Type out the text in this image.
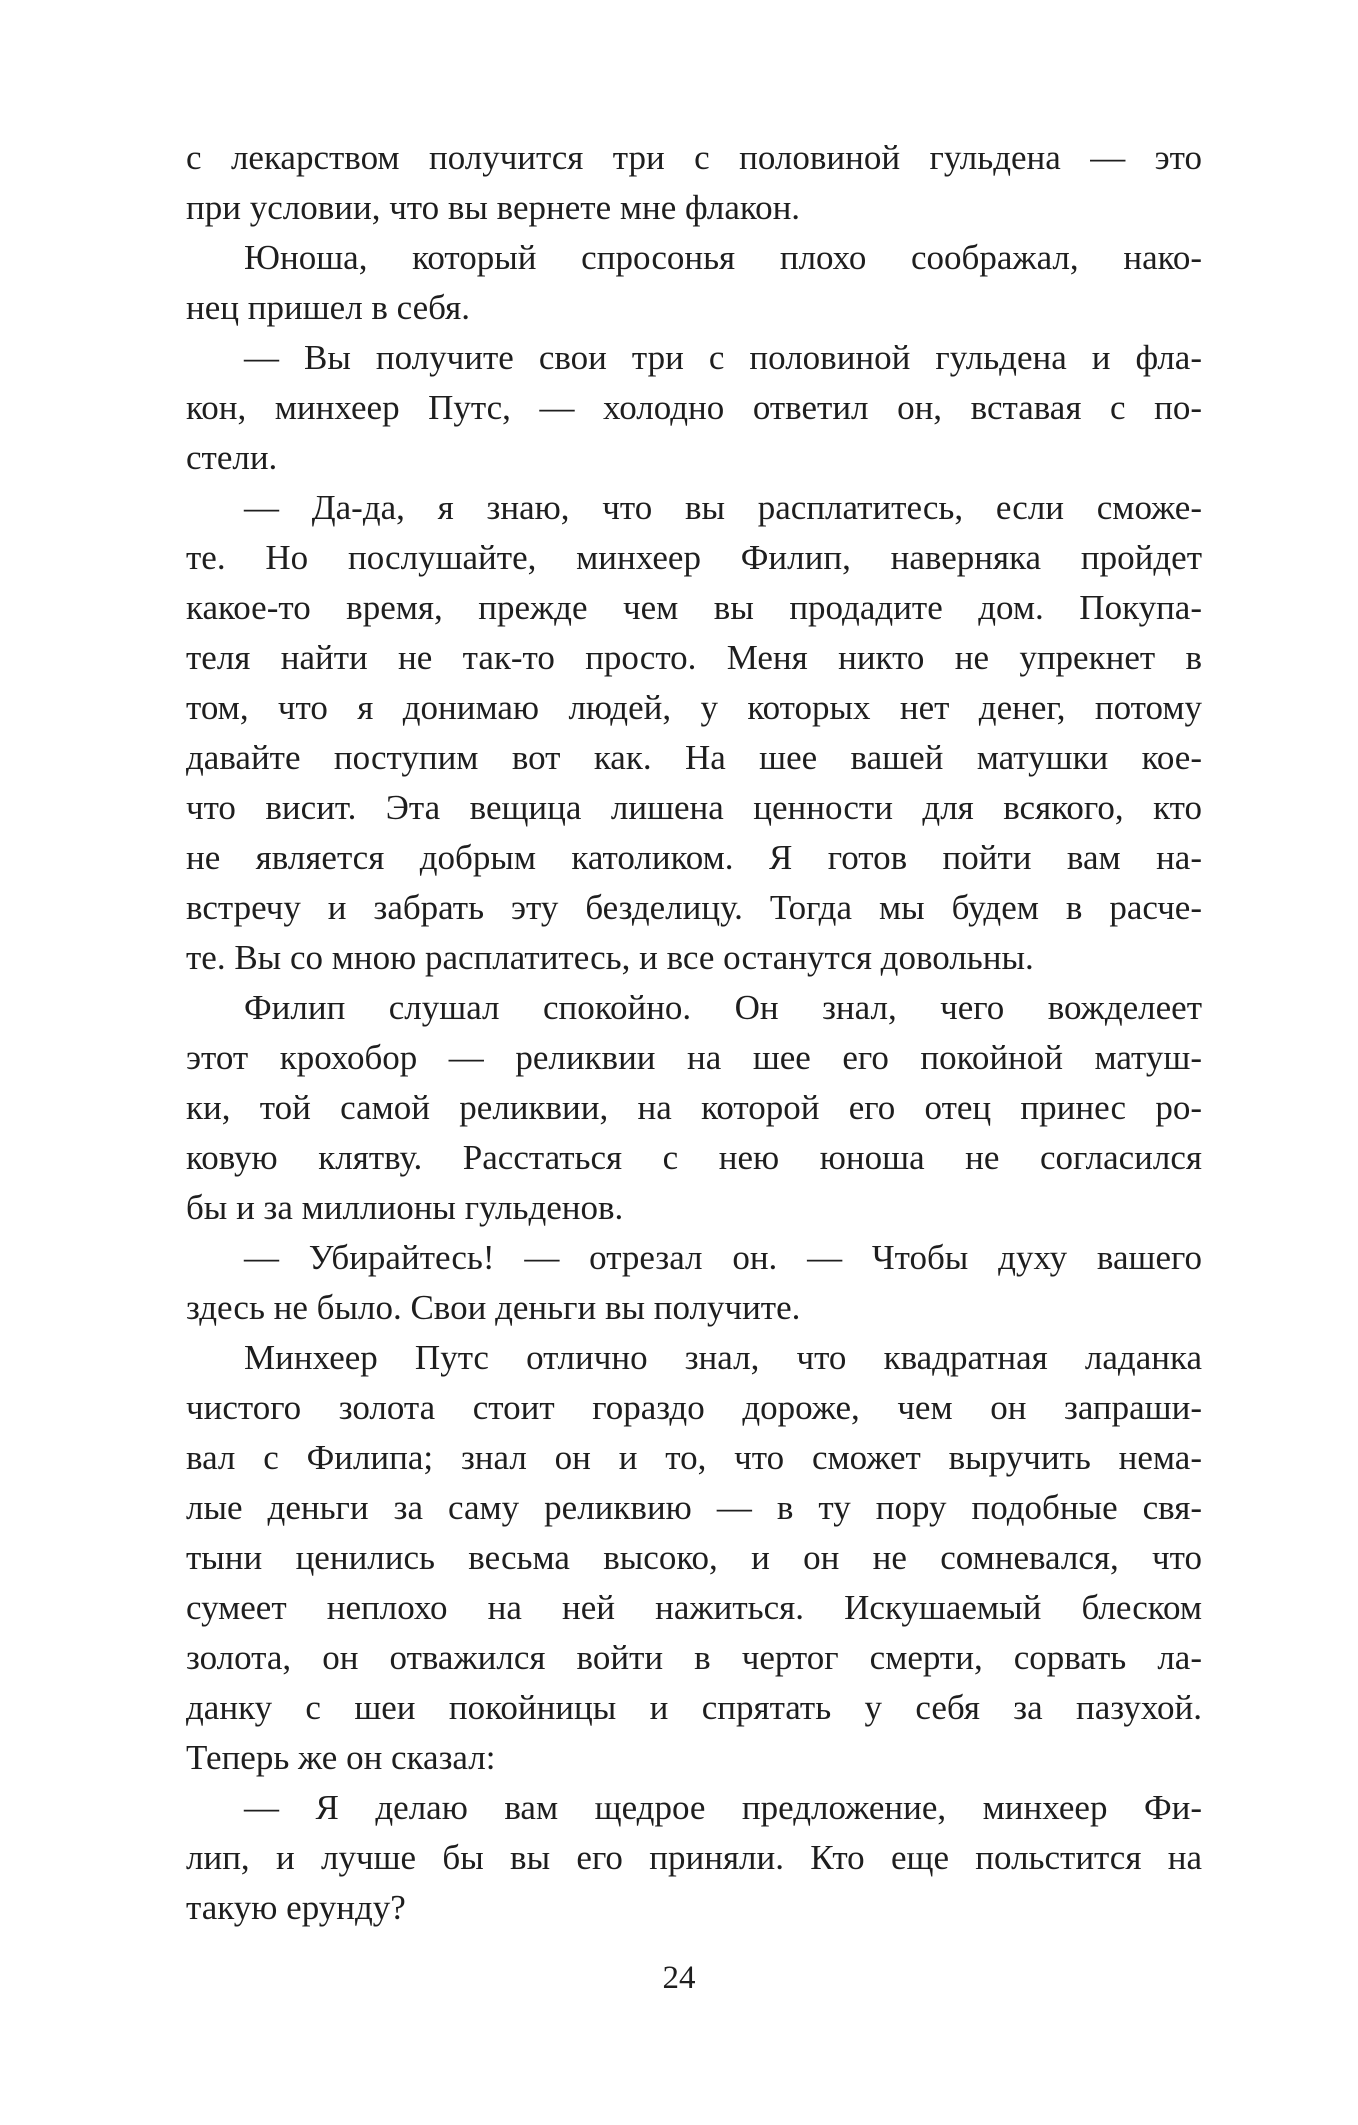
с лекарством получится три с половиной гульдена — это
при условии, что вы вернете мне флакон.
Юноша, который спросонья плохо соображал, нако-
нец пришел в себя.
— Вы получите свои три с половиной гульдена и фла-
кон, минхеер Путс, — холодно ответил он, вставая с по-
стели.
— Да-да, я знаю, что вы расплатитесь, если сможе-
те. Но послушайте, минхеер Филип, наверняка пройдет
какое-то время, прежде чем вы продадите дом. Покупа-
теля найти не так-то просто. Меня никто не упрекнет в
том, что я донимаю людей, у которых нет денег, потому
давайте поступим вот как. На шее вашей матушки кое-
что висит. Эта вещица лишена ценности для всякого, кто
не является добрым католиком. Я готов пойти вам на-
встречу и забрать эту безделицу. Тогда мы будем в расче-
те. Вы со мною расплатитесь, и все останутся довольны.
Филип слушал спокойно. Он знал, чего вожделеет
этот крохобор — реликвии на шее его покойной матуш-
ки, той самой реликвии, на которой его отец принес ро-
ковую клятву. Расстаться с нею юноша не согласился
бы и за миллионы гульденов.
— Убирайтесь! — отрезал он. — Чтобы духу вашего
здесь не было. Свои деньги вы получите.
Минхеер Путс отлично знал, что квадратная ладанка
чистого золота стоит гораздо дороже, чем он запраши-
вал с Филипа; знал он и то, что сможет выручить нема-
лые деньги за саму реликвию — в ту пору подобные свя-
тыни ценились весьма высоко, и он не сомневался, что
сумеет неплохо на ней нажиться. Искушаемый блеском
золота, он отважился войти в чертог смерти, сорвать ла-
данку с шеи покойницы и спрятать у себя за пазухой.
Теперь же он сказал:
— Я делаю вам щедрое предложение, минхеер Фи-
лип, и лучше бы вы его приняли. Кто еще польстится на
такую ерунду?
24
